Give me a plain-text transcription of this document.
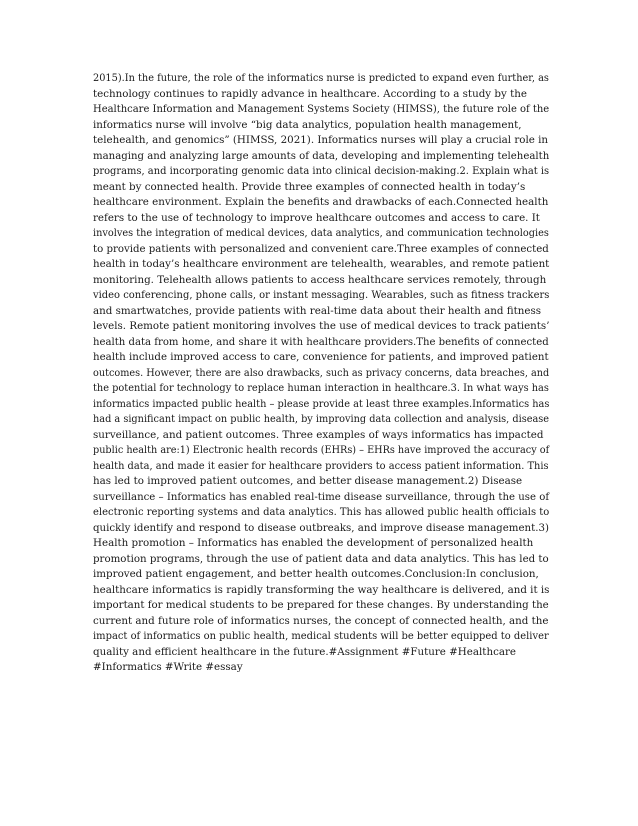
2015).In the future, the role of the informatics nurse is predicted to expand even further, as
technology continues to rapidly advance in healthcare. According to a study by the
Healthcare Information and Management Systems Society (HIMSS), the future role of the
informatics nurse will involve “big data analytics, population health management,
telehealth, and genomics” (HIMSS, 2021). Informatics nurses will play a crucial role in
managing and analyzing large amounts of data, developing and implementing telehealth
programs, and incorporating genomic data into clinical decision-making.2. Explain what is
meant by connected health. Provide three examples of connected health in today’s
healthcare environment. Explain the benefits and drawbacks of each.Connected health
refers to the use of technology to improve healthcare outcomes and access to care. It
involves the integration of medical devices, data analytics, and communication technologies
to provide patients with personalized and convenient care.Three examples of connected
health in today’s healthcare environment are telehealth, wearables, and remote patient
monitoring. Telehealth allows patients to access healthcare services remotely, through
video conferencing, phone calls, or instant messaging. Wearables, such as fitness trackers
and smartwatches, provide patients with real-time data about their health and fitness
levels. Remote patient monitoring involves the use of medical devices to track patients’
health data from home, and share it with healthcare providers.The benefits of connected
health include improved access to care, convenience for patients, and improved patient
outcomes. However, there are also drawbacks, such as privacy concerns, data breaches, and
the potential for technology to replace human interaction in healthcare.3. In what ways has
informatics impacted public health – please provide at least three examples.Informatics has
had a significant impact on public health, by improving data collection and analysis, disease
surveillance, and patient outcomes. Three examples of ways informatics has impacted
public health are:1) Electronic health records (EHRs) – EHRs have improved the accuracy of
health data, and made it easier for healthcare providers to access patient information. This
has led to improved patient outcomes, and better disease management.2) Disease
surveillance – Informatics has enabled real-time disease surveillance, through the use of
electronic reporting systems and data analytics. This has allowed public health officials to
quickly identify and respond to disease outbreaks, and improve disease management.3)
Health promotion – Informatics has enabled the development of personalized health
promotion programs, through the use of patient data and data analytics. This has led to
improved patient engagement, and better health outcomes.Conclusion:In conclusion,
healthcare informatics is rapidly transforming the way healthcare is delivered, and it is
important for medical students to be prepared for these changes. By understanding the
current and future role of informatics nurses, the concept of connected health, and the
impact of informatics on public health, medical students will be better equipped to deliver
quality and efficient healthcare in the future.#Assignment #Future #Healthcare
#Informatics #Write #essay
